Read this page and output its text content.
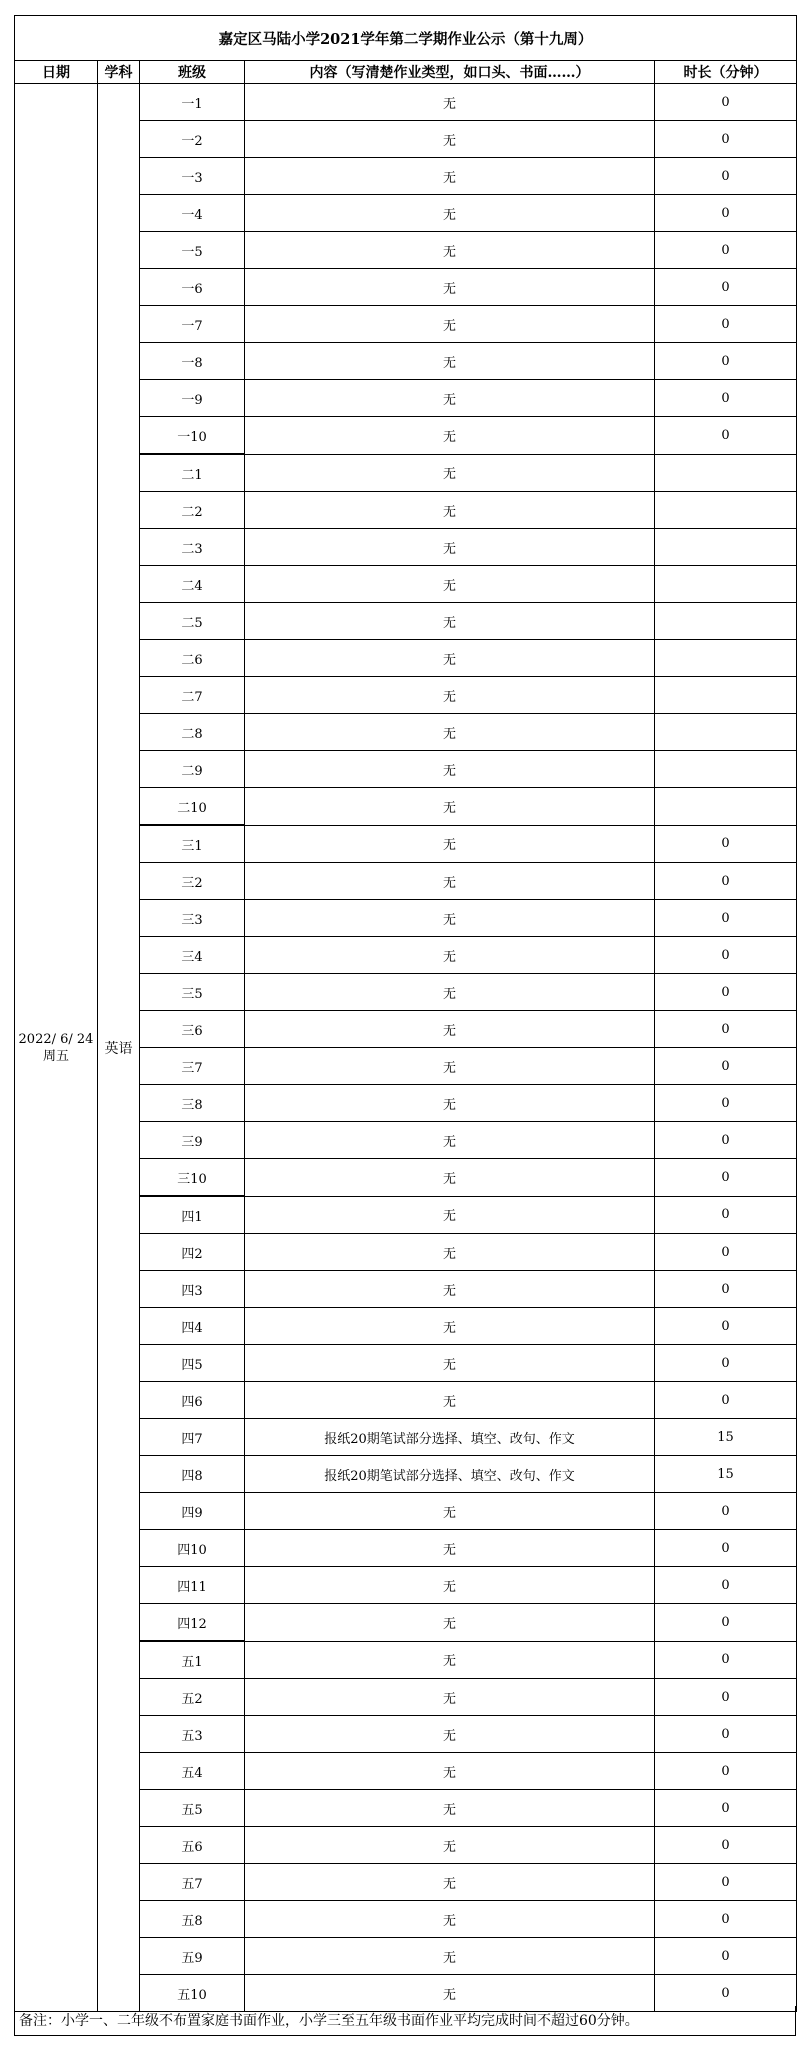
嘉定区马陆小学2021学年第二学期作业公示（第十九周）				
日期	学科	班级	内容（写清楚作业类型，如口头、书面……）	时长（分钟）

2022/ 6/ 24
周五	英语	一1	无	0
		一2	无	0
		一3	无	0
		一4	无	0
		一5	无	0
		一6	无	0
		一7	无	0
		一8	无	0
		一9	无	0
		一10	无	0
		二1	无	
		二2	无	
		二3	无	
		二4	无	
		二5	无	
		二6	无	
		二7	无	
		二8	无	
		二9	无	
		二10	无	
		三1	无	0
		三2	无	0
		三3	无	0
		三4	无	0
		三5	无	0
		三6	无	0
		三7	无	0
		三8	无	0
		三9	无	0
		三10	无	0
		四1	无	0
		四2	无	0
		四3	无	0
		四4	无	0
		四5	无	0
		四6	无	0
		四7	报纸20期笔试部分选择、填空、改句、作文	15
		四8	报纸20期笔试部分选择、填空、改句、作文	15
		四9	无	0
		四10	无	0
		四11	无	0
		四12	无	0
		五1	无	0
		五2	无	0
		五3	无	0
		五4	无	0
		五5	无	0
		五6	无	0
		五7	无	0
		五8	无	0
		五9	无	0
		五10	无	0
备注：小学一、二年级不布置家庭书面作业，小学三至五年级书面作业平均完成时间不超过60分钟。
